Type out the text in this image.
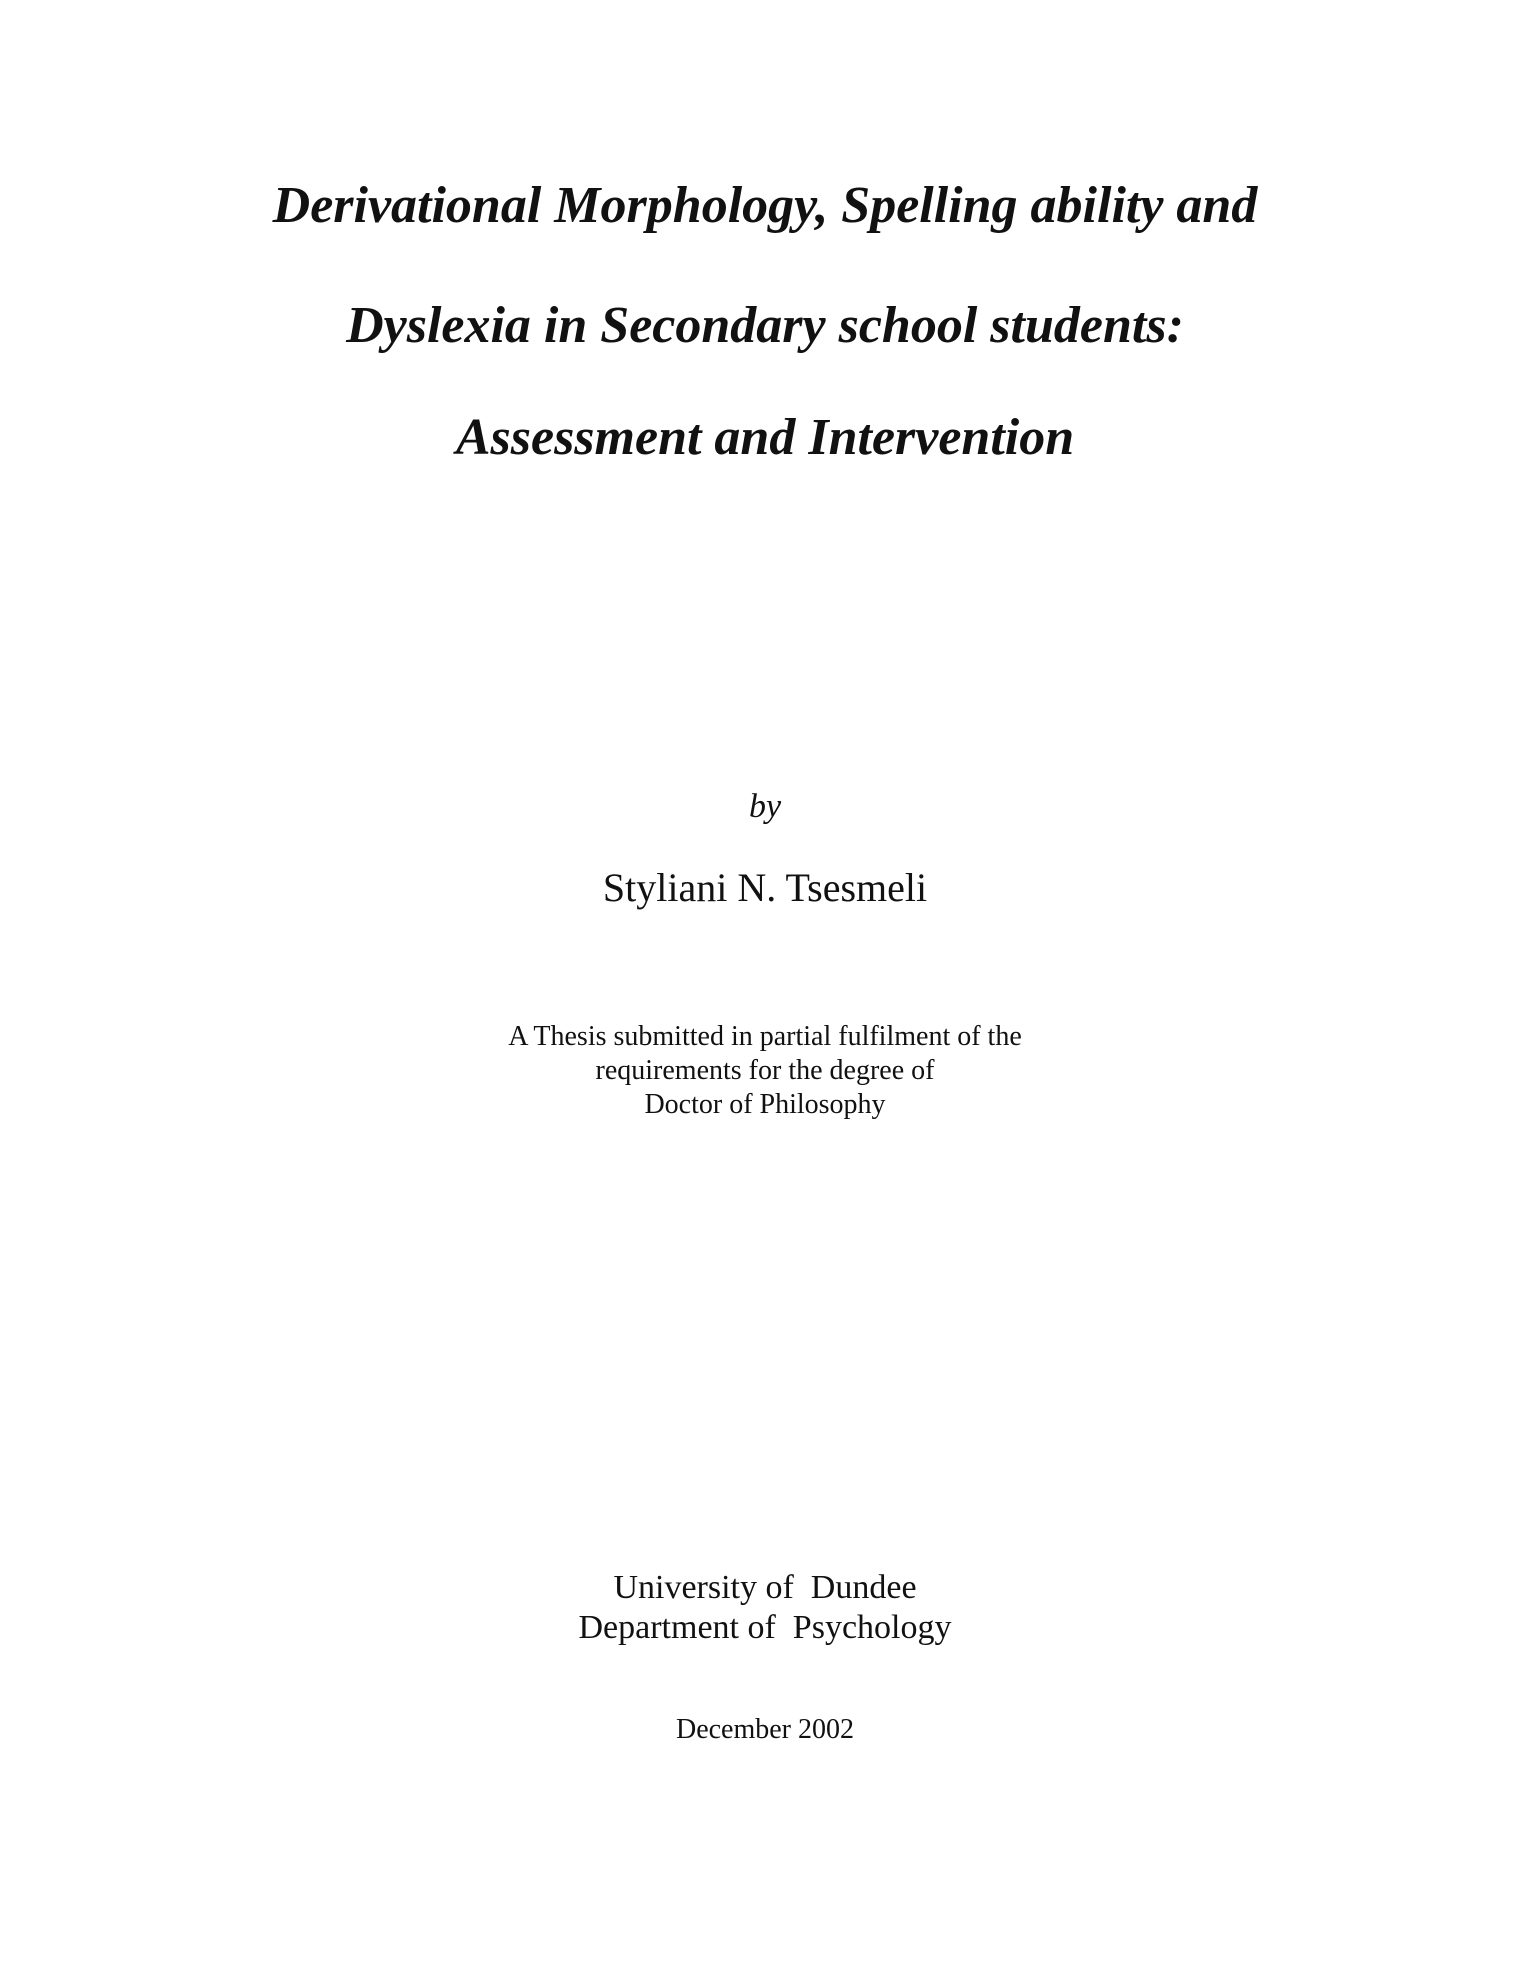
Derivational Morphology, Spelling ability and
Dyslexia in Secondary school students:
Assessment and Intervention
by
Styliani N. Tsesmeli
A Thesis submitted in partial fulfilment of the
requirements for the degree of
Doctor of Philosophy
University of  Dundee
Department of  Psychology
December 2002
